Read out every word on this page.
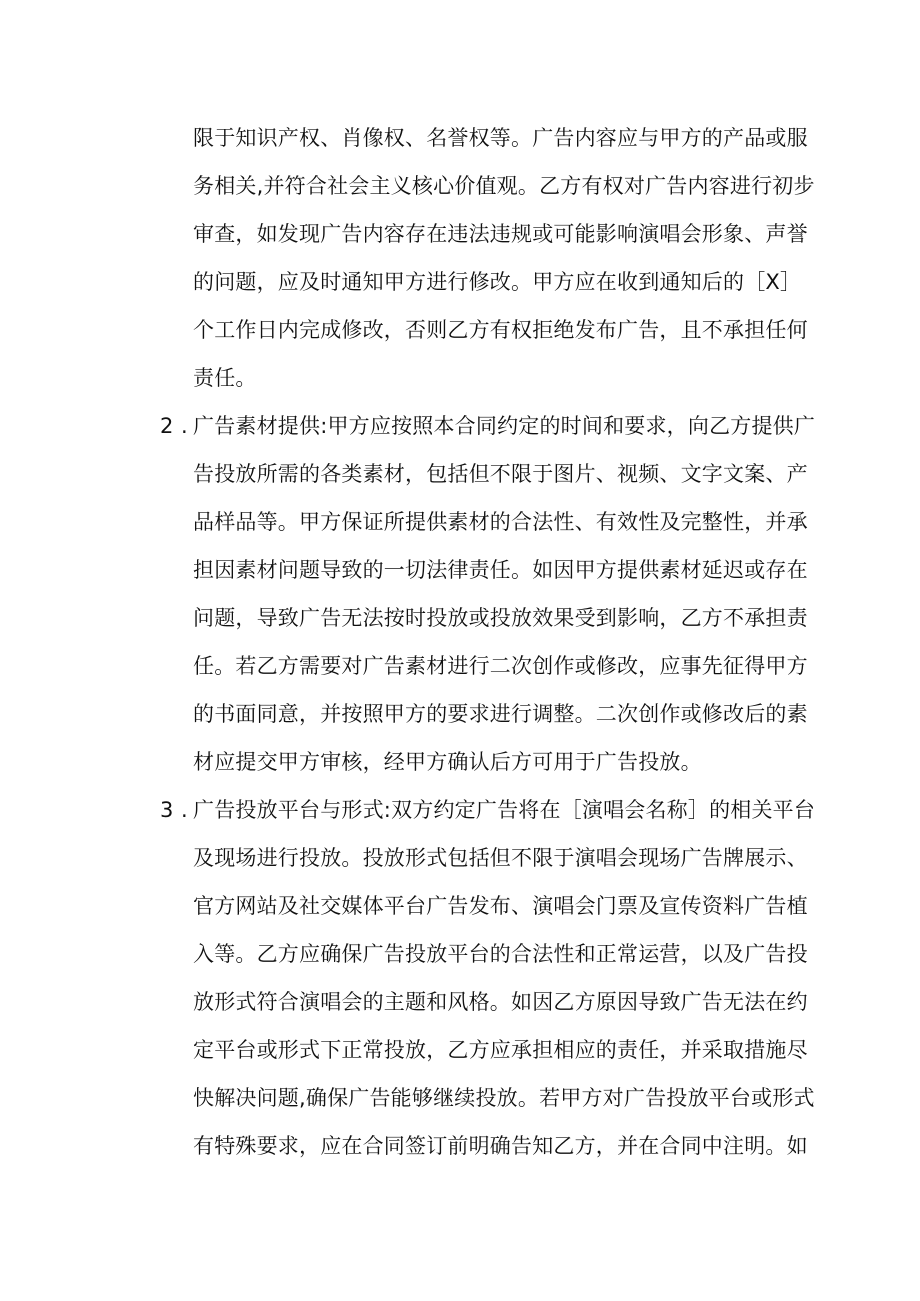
限于知识产权、肖像权、名誉权等。广告内容应与甲方的产品或服
务相关,并符合社会主义核心价值观。乙方有权对广告内容进行初步
审查，如发现广告内容存在违法违规或可能影响演唱会形象、声誉
的问题，应及时通知甲方进行修改。甲方应在收到通知后的［X］
个工作日内完成修改，否则乙方有权拒绝发布广告，且不承担任何
责任。
2 . 广告素材提供:甲方应按照本合同约定的时间和要求，向乙方提供广
告投放所需的各类素材，包括但不限于图片、视频、文字文案、产
品样品等。甲方保证所提供素材的合法性、有效性及完整性，并承
担因素材问题导致的一切法律责任。如因甲方提供素材延迟或存在
问题，导致广告无法按时投放或投放效果受到影响，乙方不承担责
任。若乙方需要对广告素材进行二次创作或修改，应事先征得甲方
的书面同意，并按照甲方的要求进行调整。二次创作或修改后的素
材应提交甲方审核，经甲方确认后方可用于广告投放。
3 . 广告投放平台与形式:双方约定广告将在［演唱会名称］的相关平台
及现场进行投放。投放形式包括但不限于演唱会现场广告牌展示、
官方网站及社交媒体平台广告发布、演唱会门票及宣传资料广告植
入等。乙方应确保广告投放平台的合法性和正常运营，以及广告投
放形式符合演唱会的主题和风格。如因乙方原因导致广告无法在约
定平台或形式下正常投放，乙方应承担相应的责任，并采取措施尽
快解决问题,确保广告能够继续投放。若甲方对广告投放平台或形式
有特殊要求，应在合同签订前明确告知乙方，并在合同中注明。如
